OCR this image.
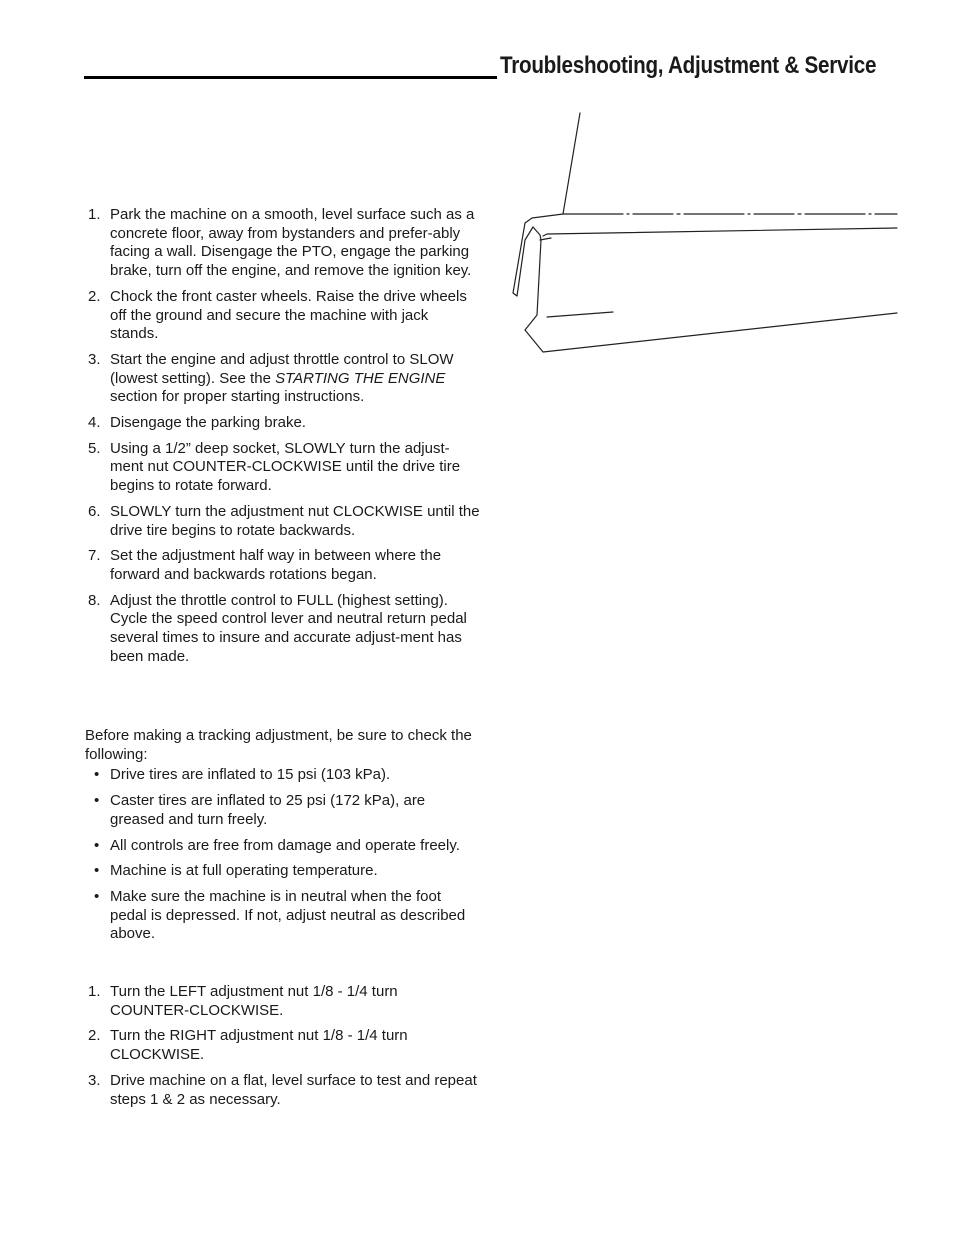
Troubleshooting, Adjustment & Service
1. Park the machine on a smooth, level surface such as a concrete floor, away from bystanders and prefer-ably facing a wall. Disengage the PTO, engage the parking brake, turn off the engine, and remove the ignition key.
2. Chock the front caster wheels. Raise the drive wheels off the ground and secure the machine with jack stands.
3. Start the engine and adjust throttle control to SLOW (lowest setting). See the STARTING THE ENGINE section for proper starting instructions.
4. Disengage the parking brake.
5. Using a 1/2” deep socket, SLOWLY turn the adjust-ment nut COUNTER-CLOCKWISE until the drive tire begins to rotate forward.
6. SLOWLY turn the adjustment nut CLOCKWISE until the drive tire begins to rotate backwards.
7. Set the adjustment half way in between where the forward and backwards rotations began.
8. Adjust the throttle control to FULL (highest setting). Cycle the speed control lever and neutral return pedal several times to insure and accurate adjust-ment has been made.

Before making a tracking adjustment, be sure to check the following:

• Drive tires are inflated to 15 psi (103 kPa).
• Caster tires are inflated to 25 psi (172 kPa), are greased and turn freely.
• All controls are free from damage and operate freely.
• Machine is at full operating temperature.
• Make sure the machine is in neutral when the foot pedal is depressed. If not, adjust neutral as described above.
1. Turn the LEFT adjustment nut 1/8 - 1/4 turn COUNTER-CLOCKWISE.
2. Turn the RIGHT adjustment nut 1/8 - 1/4 turn CLOCKWISE.
3. Drive machine on a flat, level surface to test and repeat steps 1 & 2 as necessary.
